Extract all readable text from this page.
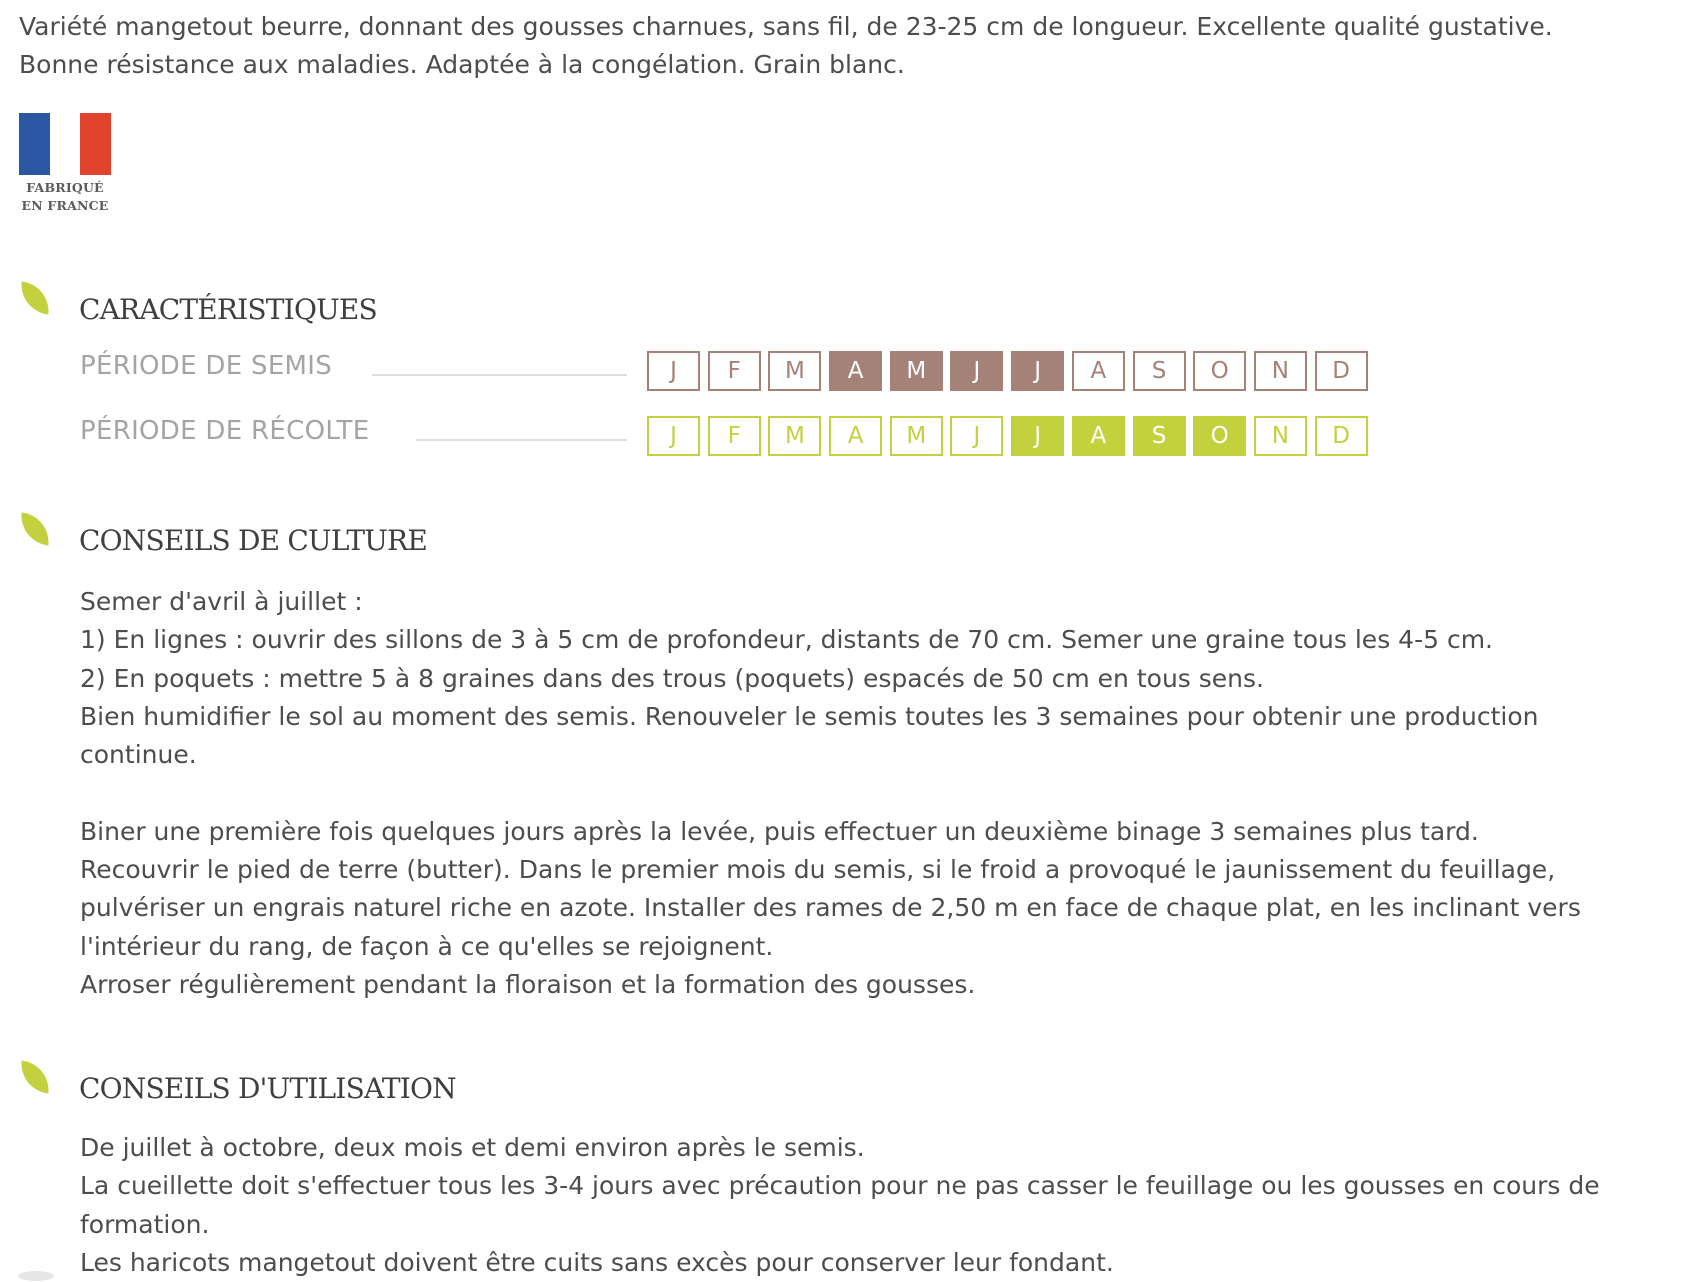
Variété mangetout beurre, donnant des gousses charnues, sans fil, de 23-25 cm de longueur. Excellente qualité gustative.
Bonne résistance aux maladies. Adaptée à la congélation. Grain blanc.
FABRIQUÉ
EN FRANCE
CARACTÉRISTIQUES
PÉRIODE DE SEMIS	J	F	M	A	M	J	J	A	S	O	N	D
PÉRIODE DE RÉCOLTE	J	F	M	A	M	J	J	A	S	O	N	D
CONSEILS DE CULTURE

Semer d'avril à juillet :

1) En lignes : ouvrir des sillons de 3 à 5 cm de profondeur, distants de 70 cm. Semer une graine tous les 4-5 cm.

2) En poquets : mettre 5 à 8 graines dans des trous (poquets) espacés de 50 cm en tous sens.

Bien humidifier le sol au moment des semis. Renouveler le semis toutes les 3 semaines pour obtenir une production continue.

Biner une première fois quelques jours après la levée, puis effectuer un deuxième binage 3 semaines plus tard.

Recouvrir le pied de terre (butter). Dans le premier mois du semis, si le froid a provoqué le jaunissement du feuillage, pulvériser un engrais naturel riche en azote. Installer des rames de 2,50 m en face de chaque plat, en les inclinant vers l'intérieur du rang, de façon à ce qu'elles se rejoignent.

Arroser régulièrement pendant la floraison et la formation des gousses.

CONSEILS D'UTILISATION

De juillet à octobre, deux mois et demi environ après le semis.

La cueillette doit s'effectuer tous les 3-4 jours avec précaution pour ne pas casser le feuillage ou les gousses en cours de formation.

Les haricots mangetout doivent être cuits sans excès pour conserver leur fondant.
